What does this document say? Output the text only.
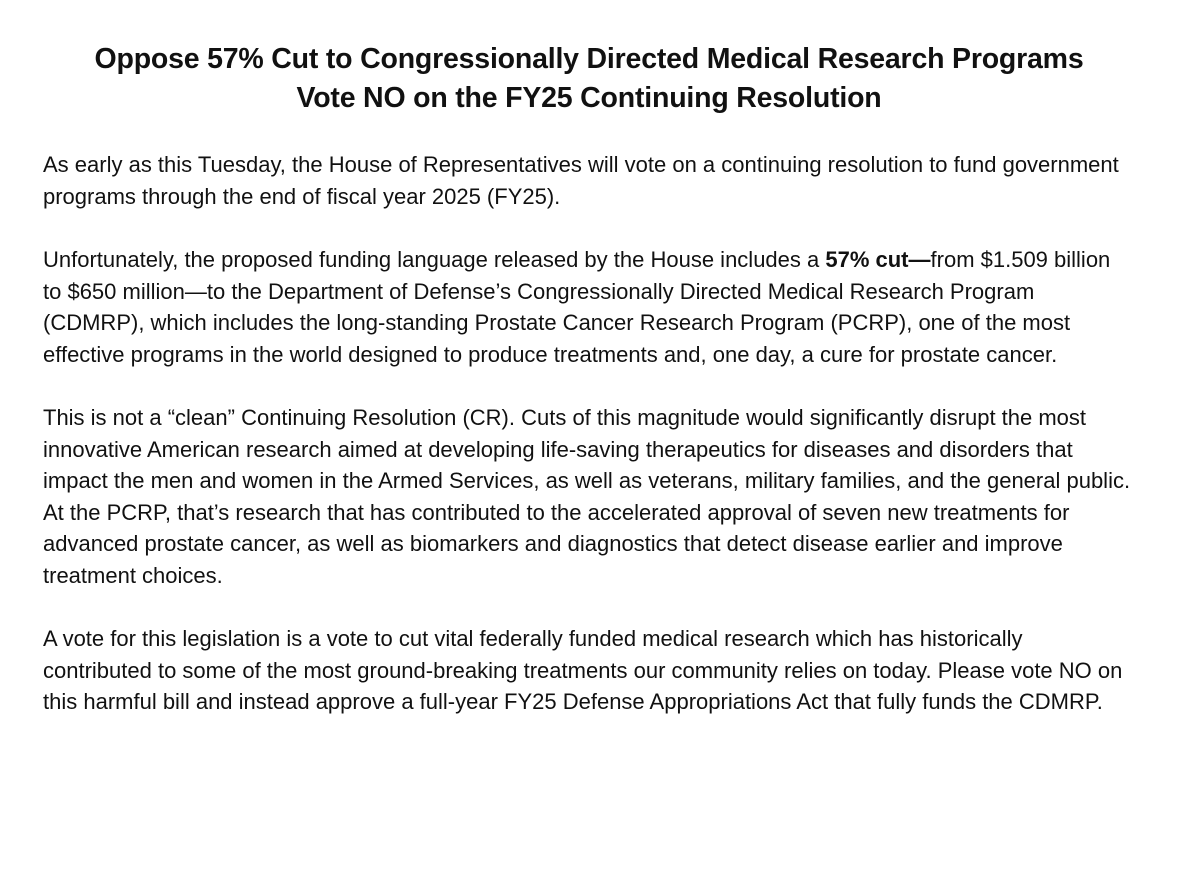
Oppose 57% Cut to Congressionally Directed Medical Research Programs

Vote NO on the FY25 Continuing Resolution

As early as this Tuesday, the House of Representatives will vote on a continuing resolution to fund government programs through the end of fiscal year 2025 (FY25).

Unfortunately, the proposed funding language released by the House includes a 57% cut—from $1.509 billion to $650 million—to the Department of Defense’s Congressionally Directed Medical Research Program (CDMRP), which includes the long-standing Prostate Cancer Research Program (PCRP), one of the most effective programs in the world designed to produce treatments and, one day, a cure for prostate cancer.

This is not a “clean” Continuing Resolution (CR). Cuts of this magnitude would significantly disrupt the most innovative American research aimed at developing life-saving therapeutics for diseases and disorders that impact the men and women in the Armed Services, as well as veterans, military families, and the general public. At the PCRP, that’s research that has contributed to the accelerated approval of seven new treatments for advanced prostate cancer, as well as biomarkers and diagnostics that detect disease earlier and improve treatment choices.

A vote for this legislation is a vote to cut vital federally funded medical research which has historically contributed to some of the most ground-breaking treatments our community relies on today. Please vote NO on this harmful bill and instead approve a full-year FY25 Defense Appropriations Act that fully funds the CDMRP.
